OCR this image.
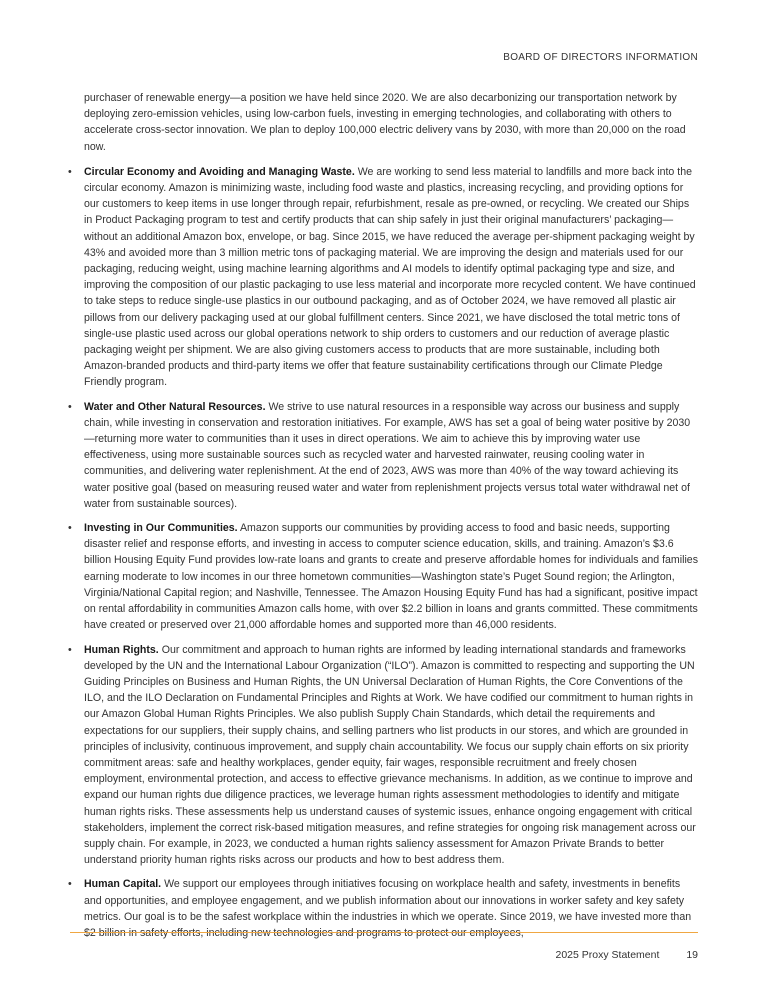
BOARD OF DIRECTORS INFORMATION

purchaser of renewable energy—a position we have held since 2020. We are also decarbonizing our transportation network by deploying zero-emission vehicles, using low-carbon fuels, investing in emerging technologies, and collaborating with others to accelerate cross-sector innovation. We plan to deploy 100,000 electric delivery vans by 2030, with more than 20,000 on the road now.

• Circular Economy and Avoiding and Managing Waste. We are working to send less material to landfills and more back into the circular economy. Amazon is minimizing waste, including food waste and plastics, increasing recycling, and providing options for our customers to keep items in use longer through repair, refurbishment, resale as pre-owned, or recycling. We created our Ships in Product Packaging program to test and certify products that can ship safely in just their original manufacturers’ packaging—without an additional Amazon box, envelope, or bag. Since 2015, we have reduced the average per-shipment packaging weight by 43% and avoided more than 3 million metric tons of packaging material. We are improving the design and materials used for our packaging, reducing weight, using machine learning algorithms and AI models to identify optimal packaging type and size, and improving the composition of our plastic packaging to use less material and incorporate more recycled content. We have continued to take steps to reduce single-use plastics in our outbound packaging, and as of October 2024, we have removed all plastic air pillows from our delivery packaging used at our global fulfillment centers. Since 2021, we have disclosed the total metric tons of single-use plastic used across our global operations network to ship orders to customers and our reduction of average plastic packaging weight per shipment. We are also giving customers access to products that are more sustainable, including both Amazon-branded products and third-party items we offer that feature sustainability certifications through our Climate Pledge Friendly program.
• Water and Other Natural Resources. We strive to use natural resources in a responsible way across our business and supply chain, while investing in conservation and restoration initiatives. For example, AWS has set a goal of being water positive by 2030—returning more water to communities than it uses in direct operations. We aim to achieve this by improving water use effectiveness, using more sustainable sources such as recycled water and harvested rainwater, reusing cooling water in communities, and delivering water replenishment. At the end of 2023, AWS was more than 40% of the way toward achieving its water positive goal (based on measuring reused water and water from replenishment projects versus total water withdrawal net of water from sustainable sources).
• Investing in Our Communities. Amazon supports our communities by providing access to food and basic needs, supporting disaster relief and response efforts, and investing in access to computer science education, skills, and training. Amazon’s $3.6 billion Housing Equity Fund provides low-rate loans and grants to create and preserve affordable homes for individuals and families earning moderate to low incomes in our three hometown communities—Washington state’s Puget Sound region; the Arlington, Virginia/National Capital region; and Nashville, Tennessee. The Amazon Housing Equity Fund has had a significant, positive impact on rental affordability in communities Amazon calls home, with over $2.2 billion in loans and grants committed. These commitments have created or preserved over 21,000 affordable homes and supported more than 46,000 residents.
• Human Rights. Our commitment and approach to human rights are informed by leading international standards and frameworks developed by the UN and the International Labour Organization (“ILO”). Amazon is committed to respecting and supporting the UN Guiding Principles on Business and Human Rights, the UN Universal Declaration of Human Rights, the Core Conventions of the ILO, and the ILO Declaration on Fundamental Principles and Rights at Work. We have codified our commitment to human rights in our Amazon Global Human Rights Principles. We also publish Supply Chain Standards, which detail the requirements and expectations for our suppliers, their supply chains, and selling partners who list products in our stores, and which are grounded in principles of inclusivity, continuous improvement, and supply chain accountability. We focus our supply chain efforts on six priority commitment areas: safe and healthy workplaces, gender equity, fair wages, responsible recruitment and freely chosen employment, environmental protection, and access to effective grievance mechanisms. In addition, as we continue to improve and expand our human rights due diligence practices, we leverage human rights assessment methodologies to identify and mitigate human rights risks. These assessments help us understand causes of systemic issues, enhance ongoing engagement with critical stakeholders, implement the correct risk-based mitigation measures, and refine strategies for ongoing risk management across our supply chain. For example, in 2023, we conducted a human rights saliency assessment for Amazon Private Brands to better understand priority human rights risks across our products and how to best address them.
• Human Capital. We support our employees through initiatives focusing on workplace health and safety, investments in benefits and opportunities, and employee engagement, and we publish information about our innovations in worker safety and key safety metrics. Our goal is to be the safest workplace within the industries in which we operate. Since 2019, we have invested more than $2 billion in safety efforts, including new technologies and programs to protect our employees,
2025 Proxy Statement	19
